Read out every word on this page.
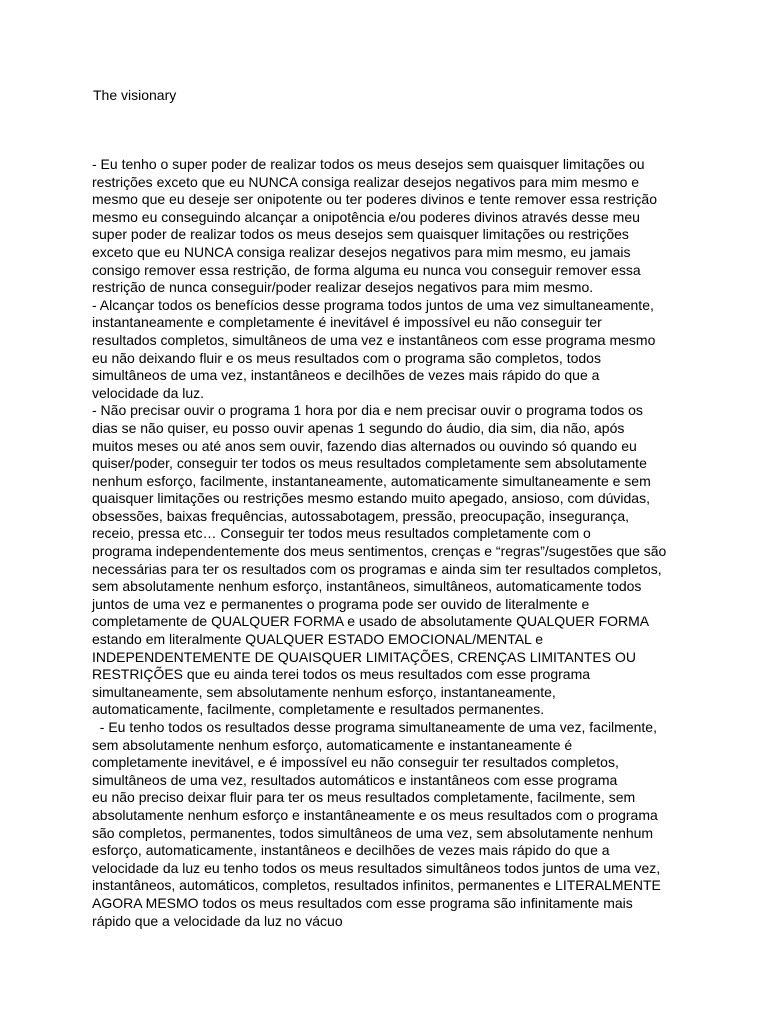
The visionary
- Eu tenho o super poder de realizar todos os meus desejos sem quaisquer limitações ou
restrições exceto que eu NUNCA consiga realizar desejos negativos para mim mesmo e
mesmo que eu deseje ser onipotente ou ter poderes divinos e tente remover essa restrição
mesmo eu conseguindo alcançar a onipotência e/ou poderes divinos através desse meu
super poder de realizar todos os meus desejos sem quaisquer limitações ou restrições
exceto que eu NUNCA consiga realizar desejos negativos para mim mesmo, eu jamais
consigo remover essa restrição, de forma alguma eu nunca vou conseguir remover essa
restrição de nunca conseguir/poder realizar desejos negativos para mim mesmo.
- Alcançar todos os benefícios desse programa todos juntos de uma vez simultaneamente,
instantaneamente e completamente é inevitável é impossível eu não conseguir ter
resultados completos, simultâneos de uma vez e instantâneos com esse programa mesmo
eu não deixando fluir e os meus resultados com o programa são completos, todos
simultâneos de uma vez, instantâneos e decilhões de vezes mais rápido do que a
velocidade da luz.
- Não precisar ouvir o programa 1 hora por dia e nem precisar ouvir o programa todos os
dias se não quiser, eu posso ouvir apenas 1 segundo do áudio, dia sim, dia não, após
muitos meses ou até anos sem ouvir, fazendo dias alternados ou ouvindo só quando eu
quiser/poder, conseguir ter todos os meus resultados completamente sem absolutamente
nenhum esforço, facilmente, instantaneamente, automaticamente simultaneamente e sem
quaisquer limitações ou restrições mesmo estando muito apegado, ansioso, com dúvidas,
obsessões, baixas frequências, autossabotagem, pressão, preocupação, insegurança,
receio, pressa etc… Conseguir ter todos meus resultados completamente com o
programa independentemente dos meus sentimentos, crenças e “regras”/sugestões que são
necessárias para ter os resultados com os programas e ainda sim ter resultados completos,
sem absolutamente nenhum esforço, instantâneos, simultâneos, automaticamente todos
juntos de uma vez e permanentes o programa pode ser ouvido de literalmente e
completamente de QUALQUER FORMA e usado de absolutamente QUALQUER FORMA
estando em literalmente QUALQUER ESTADO EMOCIONAL/MENTAL e
INDEPENDENTEMENTE DE QUAISQUER LIMITAÇÕES, CRENÇAS LIMITANTES OU
RESTRIÇÕES que eu ainda terei todos os meus resultados com esse programa
simultaneamente, sem absolutamente nenhum esforço, instantaneamente,
automaticamente, facilmente, completamente e resultados permanentes.
- Eu tenho todos os resultados desse programa simultaneamente de uma vez, facilmente,
sem absolutamente nenhum esforço, automaticamente e instantaneamente é
completamente inevitável, e é impossível eu não conseguir ter resultados completos,
simultâneos de uma vez, resultados automáticos e instantâneos com esse programa
eu não preciso deixar fluir para ter os meus resultados completamente, facilmente, sem
absolutamente nenhum esforço e instantâneamente e os meus resultados com o programa
são completos, permanentes, todos simultâneos de uma vez, sem absolutamente nenhum
esforço, automaticamente, instantâneos e decilhões de vezes mais rápido do que a
velocidade da luz eu tenho todos os meus resultados simultâneos todos juntos de uma vez,
instantâneos, automáticos, completos, resultados infinitos, permanentes e LITERALMENTE
AGORA MESMO todos os meus resultados com esse programa são infinitamente mais
rápido que a velocidade da luz no vácuo
